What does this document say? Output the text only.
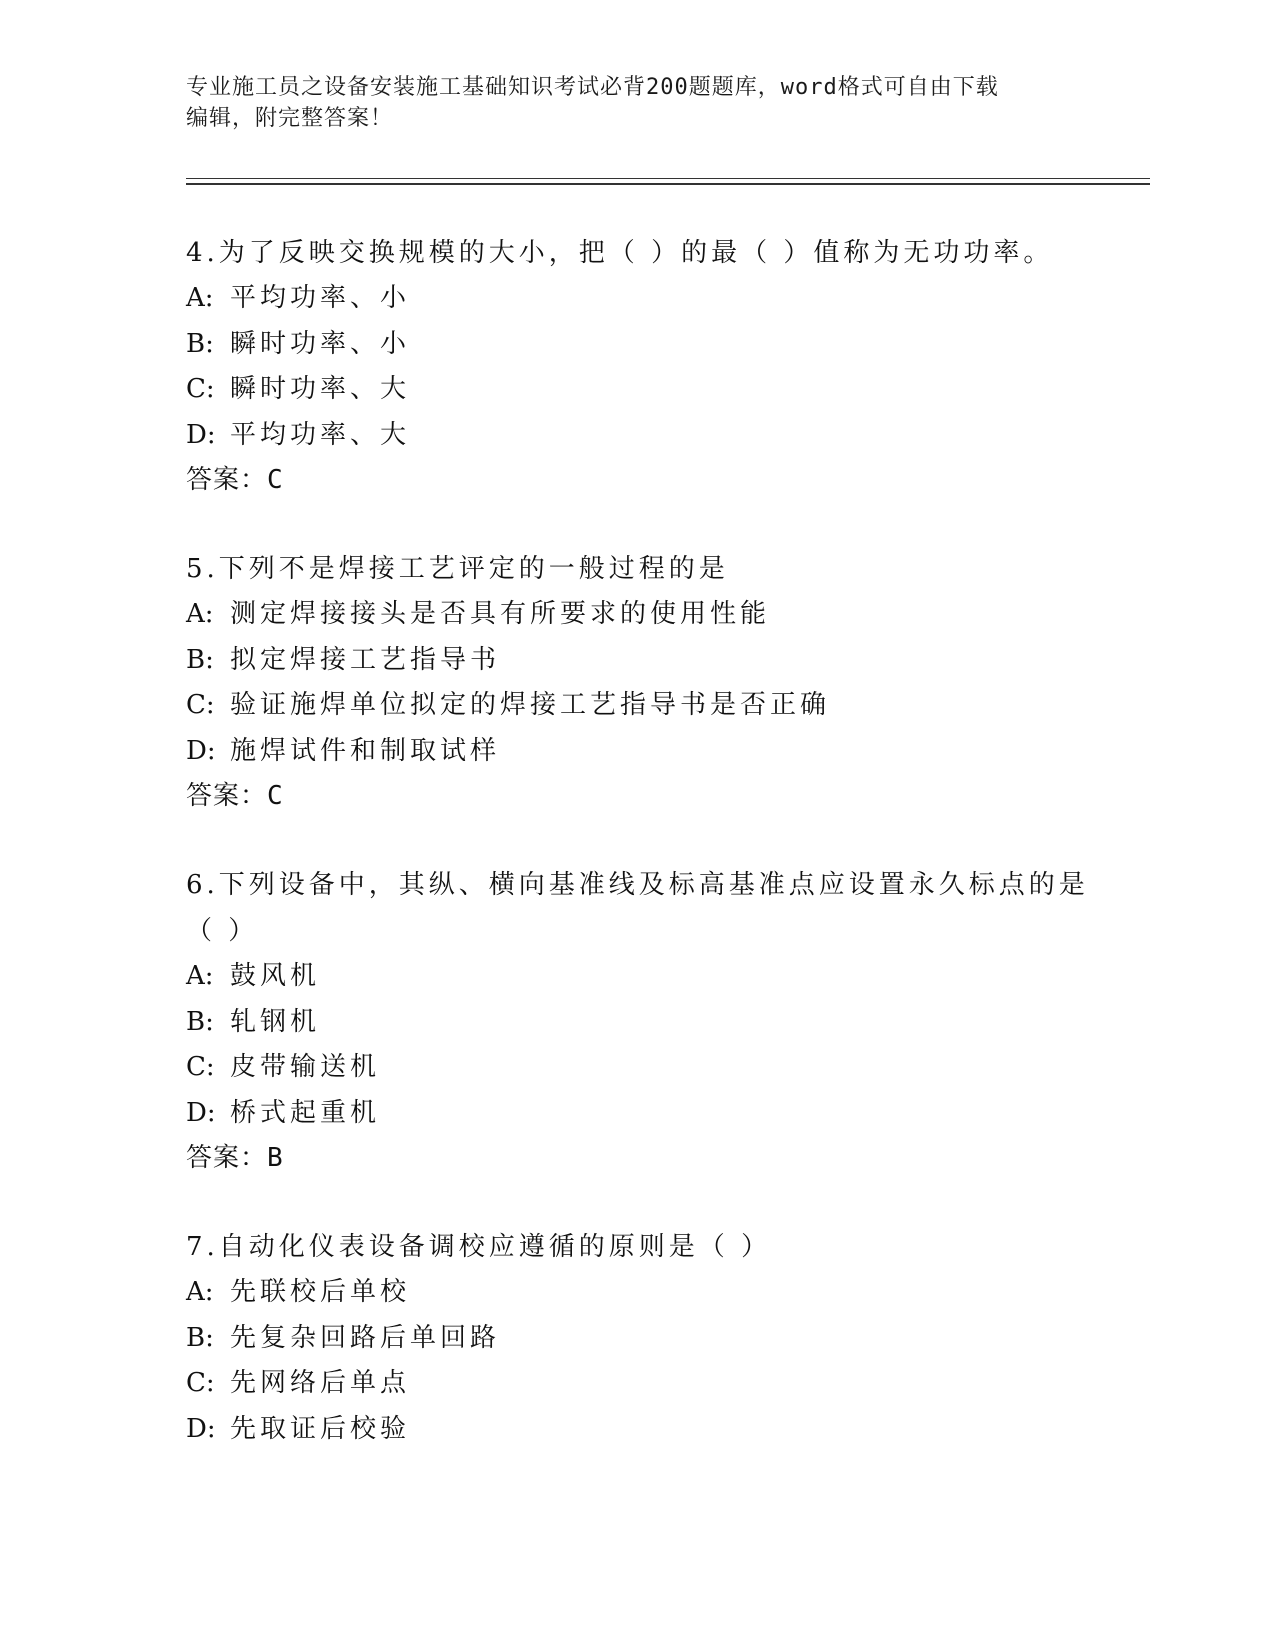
专业施工员之设备安装施工基础知识考试必背200题题库，word格式可自由下载
编辑，附完整答案！
4.为了反映交换规模的大小，把（ ）的最（ ）值称为无功功率。
A: 平均功率、小
B: 瞬时功率、小
C: 瞬时功率、大
D: 平均功率、大
答案：C
5.下列不是焊接工艺评定的一般过程的是
A: 测定焊接接头是否具有所要求的使用性能
B: 拟定焊接工艺指导书
C: 验证施焊单位拟定的焊接工艺指导书是否正确
D: 施焊试件和制取试样
答案：C
6.下列设备中，其纵、横向基准线及标高基准点应设置永久标点的是
（ ）
A: 鼓风机
B: 轧钢机
C: 皮带输送机
D: 桥式起重机
答案：B
7.自动化仪表设备调校应遵循的原则是（ ）
A: 先联校后单校
B: 先复杂回路后单回路
C: 先网络后单点
D: 先取证后校验
